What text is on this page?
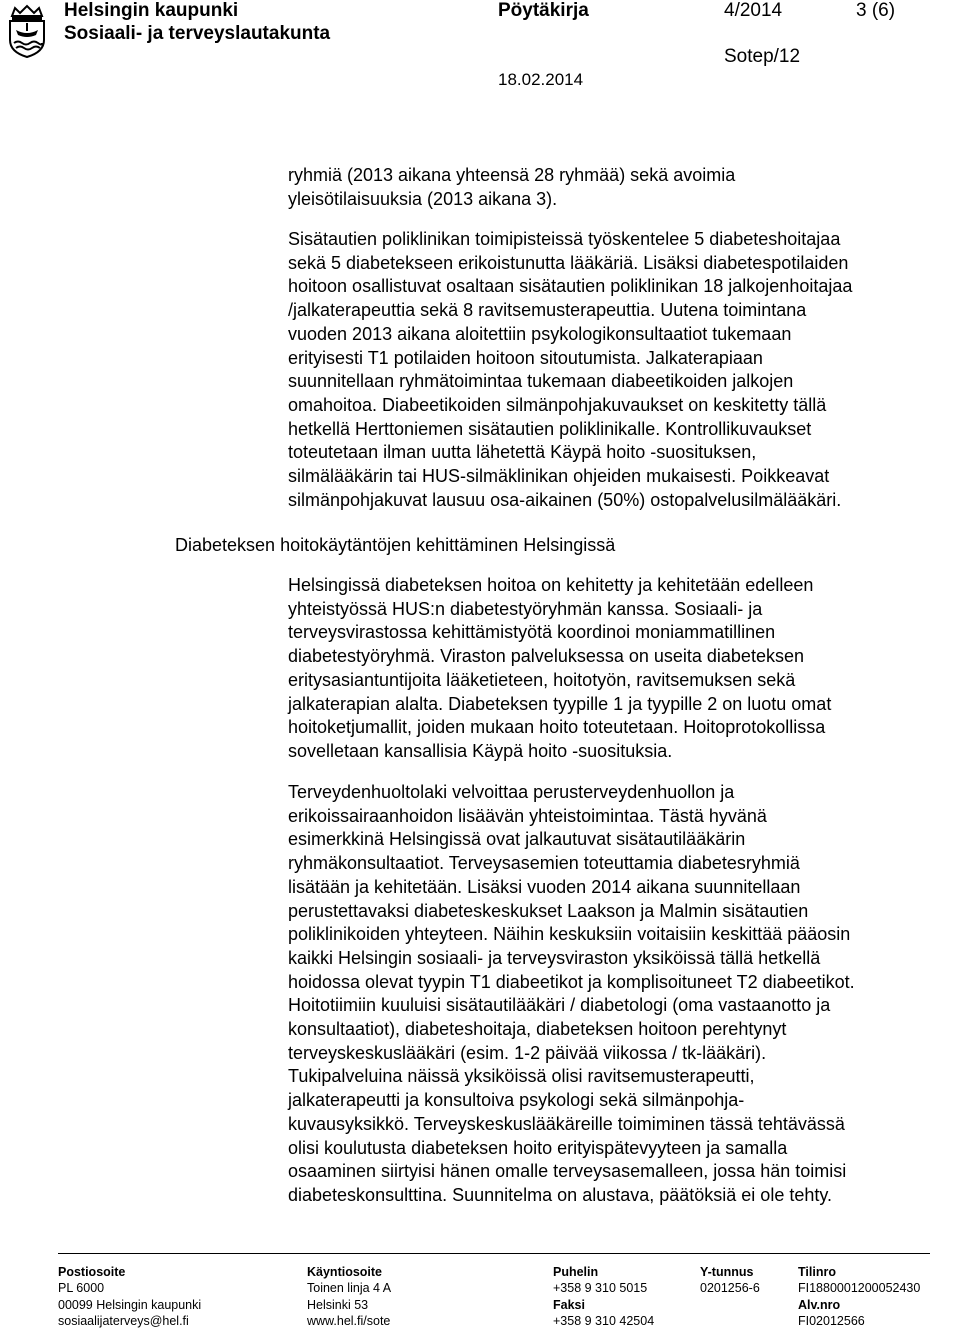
Helsingin kaupunki
Sosiaali- ja terveyslautakunta
Pöytäkirja	4/2014	3 (6)
Sotep/12
18.02.2014

ryhmiä (2013 aikana yhteensä 28 ryhmää) sekä avoimia
yleisötilaisuuksia (2013 aikana 3).

Sisätautien poliklinikan toimipisteissä työskentelee 5 diabeteshoitajaa
sekä 5 diabetekseen erikoistunutta lääkäriä. Lisäksi diabetespotilaiden
hoitoon osallistuvat osaltaan sisätautien poliklinikan 18 jalkojenhoitajaa
/jalkaterapeuttia sekä 8 ravitsemusterapeuttia. Uutena toimintana
vuoden 2013 aikana aloitettiin psykologikonsultaatiot tukemaan
erityisesti T1 potilaiden hoitoon sitoutumista. Jalkaterapiaan
suunnitellaan ryhmätoimintaa tukemaan diabeetikoiden jalkojen
omahoitoa. Diabeetikoiden silmänpohjakuvaukset on keskitetty tällä
hetkellä Herttoniemen sisätautien poliklinikalle. Kontrollikuvaukset
toteutetaan ilman uutta lähetettä Käypä hoito -suosituksen,
silmälääkärin tai HUS-silmäklinikan ohjeiden mukaisesti. Poikkeavat
silmänpohjakuvat lausuu osa-aikainen (50%) ostopalvelusilmälääkäri.

Diabeteksen hoitokäytäntöjen kehittäminen Helsingissä

Helsingissä diabeteksen hoitoa on kehitetty ja kehitetään edelleen
yhteistyössä HUS:n diabetestyöryhmän kanssa. Sosiaali- ja
terveysvirastossa kehittämistyötä koordinoi moniammatillinen
diabetestyöryhmä. Viraston palveluksessa on useita diabeteksen
eritysasiantuntijoita lääketieteen, hoitotyön, ravitsemuksen sekä
jalkaterapian alalta. Diabeteksen tyypille 1 ja tyypille 2 on luotu omat
hoitoketjumallit, joiden mukaan hoito toteutetaan. Hoitoprotokollissa
sovelletaan kansallisia Käypä hoito -suosituksia.

Terveydenhuoltolaki velvoittaa perusterveydenhuollon ja
erikoissairaanhoidon lisäävän yhteistoimintaa. Tästä hyvänä
esimerkkinä Helsingissä ovat jalkautuvat sisätautilääkärin
ryhmäkonsultaatiot. Terveysasemien toteuttamia diabetesryhmiä
lisätään ja kehitetään. Lisäksi vuoden 2014 aikana suunnitellaan
perustettavaksi diabeteskeskukset Laakson ja Malmin sisätautien
poliklinikoiden yhteyteen. Näihin keskuksiin voitaisiin keskittää pääosin
kaikki Helsingin sosiaali- ja terveysviraston yksiköissä tällä hetkellä
hoidossa olevat tyypin T1 diabeetikot ja komplisoituneet T2 diabeetikot.
Hoitotiimiin kuuluisi sisätautilääkäri / diabetologi (oma vastaanotto ja
konsultaatiot), diabeteshoitaja, diabeteksen hoitoon perehtynyt
terveyskeskuslääkäri (esim. 1-2 päivää viikossa / tk-lääkäri).
Tukipalveluina näissä yksiköissä olisi ravitsemusterapeutti,
jalkaterapeutti ja konsultoiva psykologi sekä silmänpohja-
kuvausyksikkö. Terveyskeskuslääkäreille toimiminen tässä tehtävässä
olisi koulutusta diabeteksen hoito erityispätevyyteen ja samalla
osaaminen siirtyisi hänen omalle terveysasemalleen, jossa hän toimisi
diabeteskonsulttina. Suunnitelma on alustava, päätöksiä ei ole tehty.

Postiosoite
PL 6000
00099 Helsingin kaupunki
sosiaalijaterveys@hel.fi
Käyntiosoite
Toinen linja 4 A
Helsinki 53
www.hel.fi/sote
Puhelin
+358 9 310 5015
Faksi
+358 9 310 42504
Y-tunnus
0201256-6
Tilinro
FI1880001200052430
Alv.nro
FI02012566
